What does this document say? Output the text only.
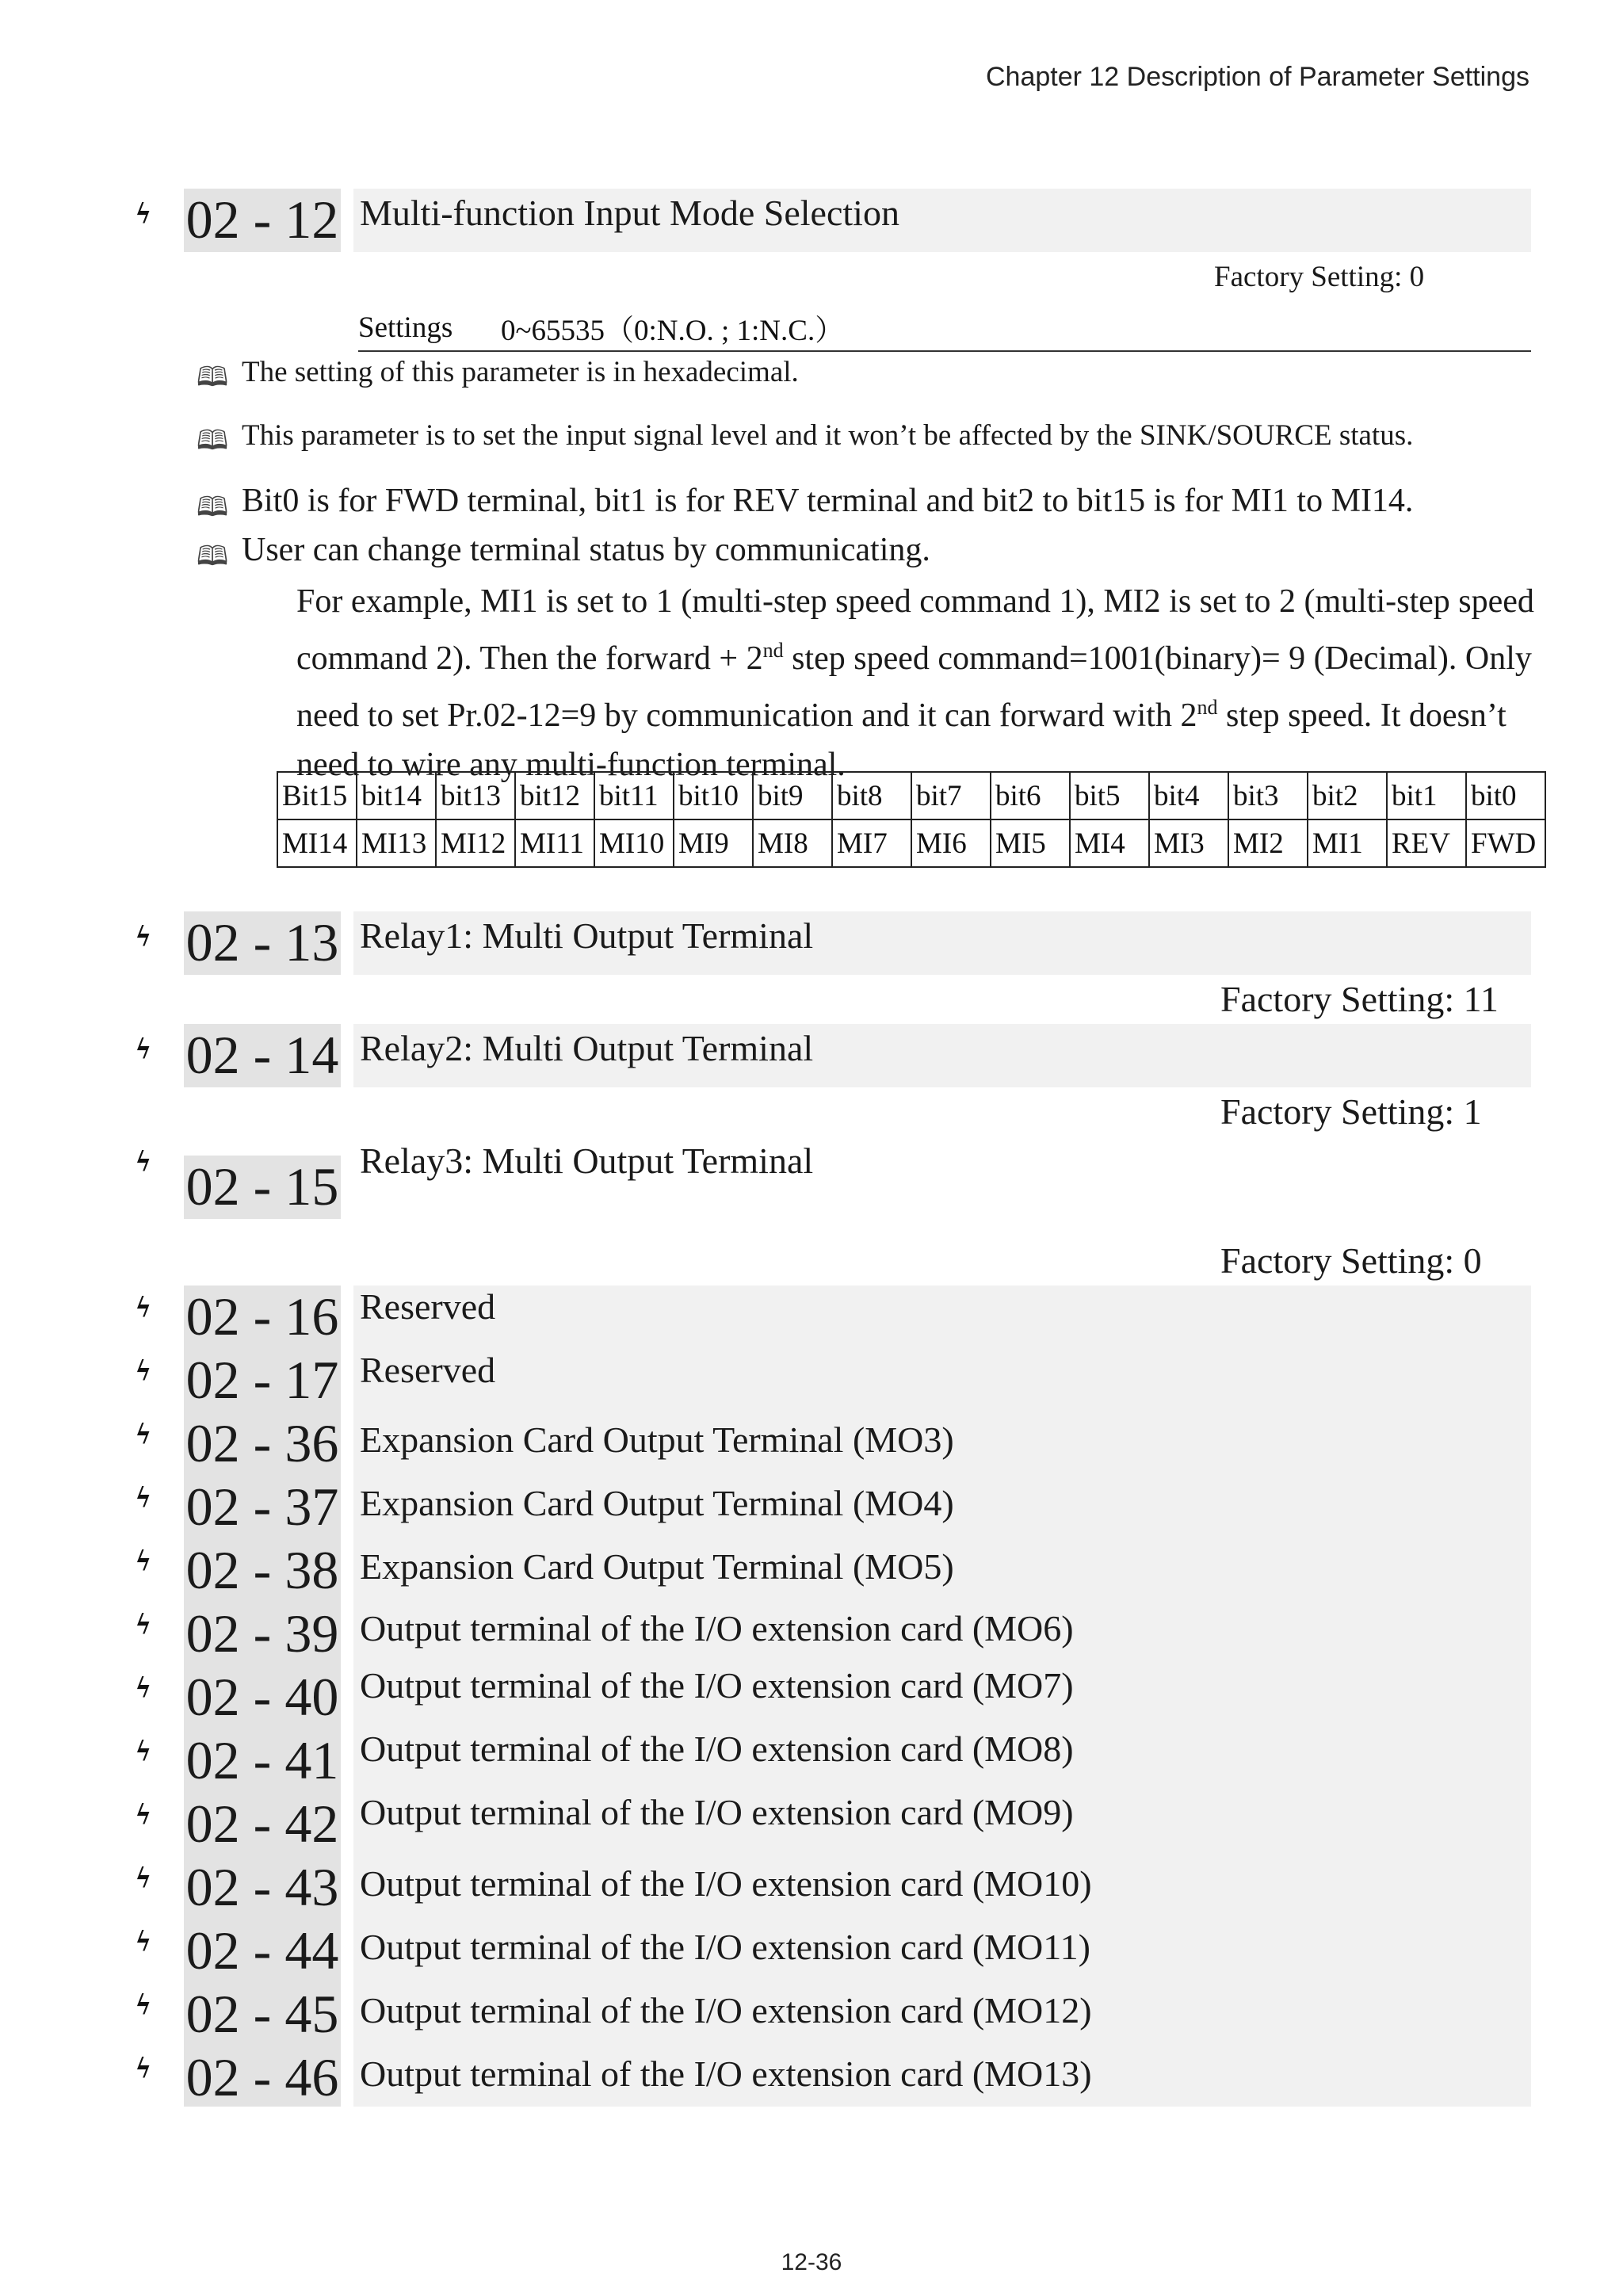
Chapter 12 Description of Parameter Settings
ϟ 02 - 12 Multi-function Input Mode Selection
Factory Setting: 0
Settings 0~65535（0:N.O. ; 1:N.C.）
🕮 The setting of this parameter is in hexadecimal.
🕮 This parameter is to set the input signal level and it won’t be affected by the SINK/SOURCE status.
🕮 Bit0 is for FWD terminal, bit1 is for REV terminal and bit2 to bit15 is for MI1 to MI14.
🕮 User can change terminal status by communicating.
For example, MI1 is set to 1 (multi-step speed command 1), MI2 is set to 2 (multi-step speed
command 2). Then the forward + 2nd step speed command=1001(binary)= 9 (Decimal). Only
need to set Pr.02-12=9 by communication and it can forward with 2nd step speed. It doesn’t
need to wire any multi-function terminal.
Bit15	bit14	bit13	bit12	bit11	bit10	bit9	bit8	bit7	bit6	bit5	bit4	bit3	bit2	bit1	bit0
MI14	MI13	MI12	MI11	MI10	MI9	MI8	MI7	MI6	MI5	MI4	MI3	MI2	MI1	REV	FWD
ϟ 02 - 13 Relay1: Multi Output Terminal
Factory Setting: 11
ϟ 02 - 14 Relay2: Multi Output Terminal
Factory Setting: 1
ϟ 02 - 15 Relay3: Multi Output Terminal
Factory Setting: 0
ϟ 02 - 16 Reserved
ϟ 02 - 17 Reserved
ϟ 02 - 36 Expansion Card Output Terminal (MO3)
ϟ 02 - 37 Expansion Card Output Terminal (MO4)
ϟ 02 - 38 Expansion Card Output Terminal (MO5)
ϟ 02 - 39 Output terminal of the I/O extension card (MO6)
ϟ 02 - 40 Output terminal of the I/O extension card (MO7)
ϟ 02 - 41 Output terminal of the I/O extension card (MO8)
ϟ 02 - 42 Output terminal of the I/O extension card (MO9)
ϟ 02 - 43 Output terminal of the I/O extension card (MO10)
ϟ 02 - 44 Output terminal of the I/O extension card (MO11)
ϟ 02 - 45 Output terminal of the I/O extension card (MO12)
ϟ 02 - 46 Output terminal of the I/O extension card (MO13)
12-36
